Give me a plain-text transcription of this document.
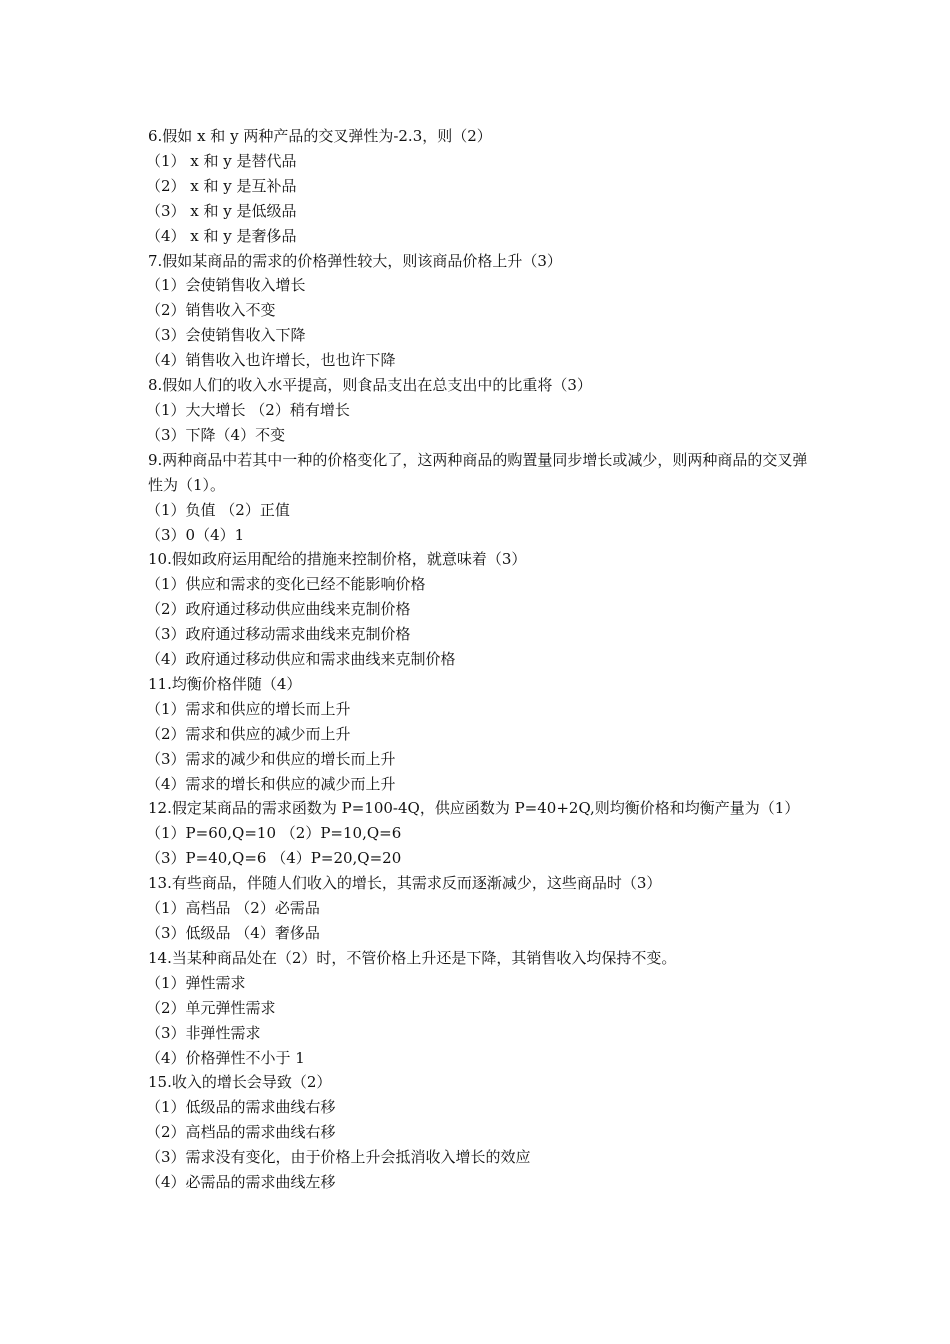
6.假如 x 和 y 两种产品的交叉弹性为-2.3，则（2）
（1） x 和 y 是替代品
（2） x 和 y 是互补品
（3） x 和 y 是低级品
（4） x 和 y 是奢侈品
7.假如某商品的需求的价格弹性较大，则该商品价格上升（3）
（1）会使销售收入增长
（2）销售收入不变
（3）会使销售收入下降
（4）销售收入也许增长，也也许下降
8.假如人们的收入水平提高，则食品支出在总支出中的比重将（3）
（1）大大增长 （2）稍有增长
（3）下降（4）不变
9.两种商品中若其中一种的价格变化了，这两种商品的购置量同步增长或减少，则两种商品的交叉弹性为（1）。
（1）负值 （2）正值
（3）0（4）1
10.假如政府运用配给的措施来控制价格，就意味着（3）
（1）供应和需求的变化已经不能影响价格
（2）政府通过移动供应曲线来克制价格
（3）政府通过移动需求曲线来克制价格
（4）政府通过移动供应和需求曲线来克制价格
11.均衡价格伴随（4）
（1）需求和供应的增长而上升
（2）需求和供应的减少而上升
（3）需求的减少和供应的增长而上升
（4）需求的增长和供应的减少而上升
12.假定某商品的需求函数为 P=100-4Q，供应函数为 P=40+2Q,则均衡价格和均衡产量为（1）
（1）P=60,Q=10 （2）P=10,Q=6
（3）P=40,Q=6 （4）P=20,Q=20
13.有些商品，伴随人们收入的增长，其需求反而逐渐减少，这些商品时（3）
（1）高档品 （2）必需品
（3）低级品 （4）奢侈品
14.当某种商品处在（2）时，不管价格上升还是下降，其销售收入均保持不变。
（1）弹性需求
（2）单元弹性需求
（3）非弹性需求
（4）价格弹性不小于 1
15.收入的增长会导致（2）
（1）低级品的需求曲线右移
（2）高档品的需求曲线右移
（3）需求没有变化，由于价格上升会抵消收入增长的效应
（4）必需品的需求曲线左移
